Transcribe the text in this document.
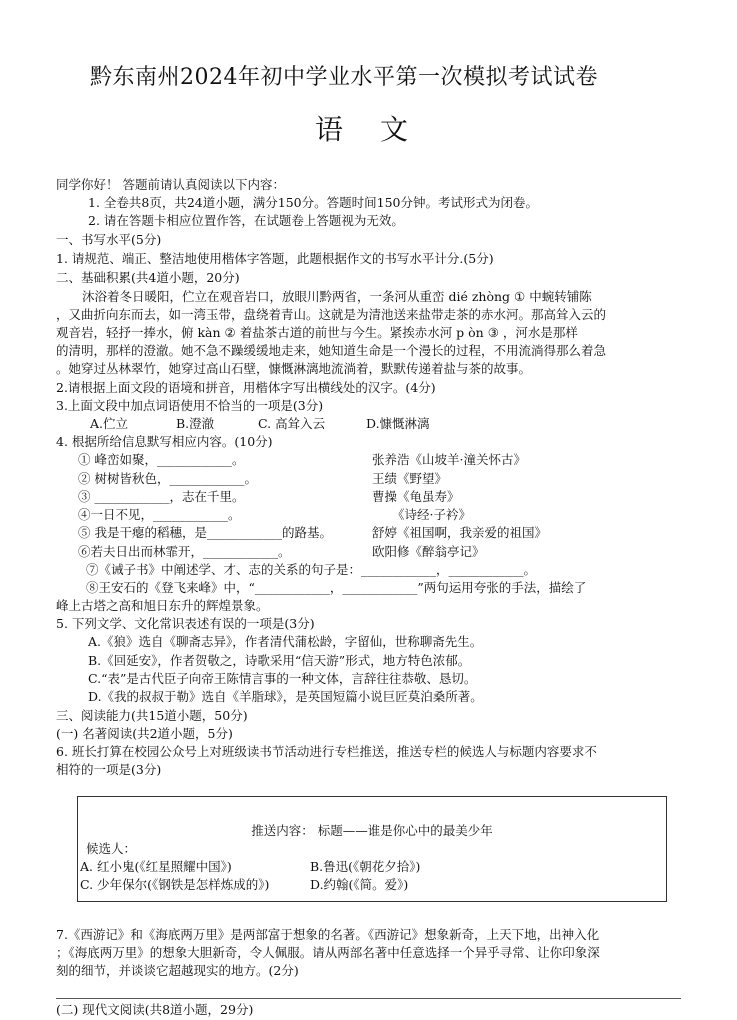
黔东南州2024年初中学业水平第一次模拟考试试卷
语 文
同学你好！ 答题前请认真阅读以下内容：
1. 全卷共8页，共24道小题，满分150分。答题时间150分钟。考试形式为闭卷。
2. 请在答题卡相应位置作答，在试题卷上答题视为无效。
一、书写水平(5分)
1. 请规范、端正、整洁地使用楷体字答题，此题根据作文的书写水平计分.(5分)
二、基础积累(共4道小题，20分)
沐浴着冬日暖阳，伫立在观音岩口，放眼川黔两省，一条河从重峦 dié zhòng ① 中蜿转铺陈
，又曲折向东而去，如一湾玉带，盘绕着青山。这就是为清池送来盐带走茶的赤水河。那高耸入云的
观音岩，轻抒一捧水，俯 kàn ② 着盐茶古道的前世与今生。紧挨赤水河 p òn ③ ，河水是那样
的清明，那样的澄澈。她不急不躁缓缓地走来，她知道生命是一个漫长的过程，不用流淌得那么着急
。她穿过丛林翠竹，她穿过高山石壁，慷慨淋漓地流淌着，默默传递着盐与茶的故事。
2.请根据上面文段的语境和拼音，用楷体字写出横线处的汉字。(4分)
3.上面文段中加点词语使用不恰当的一项是(3分)
A.伫立	B.澄澈	C. 高耸入云	D.慷慨淋漓
4. 根据所给信息默写相应内容。(10分)
① 峰峦如聚，____________。	张养浩《山坡羊·潼关怀古》
② 树树皆秋色，____________。	王绩《野望》
③ ____________，志在千里。	曹操《龟虽寿》
④一日不见，____________。	《诗经·子衿》
⑤ 我是干瘪的稻穗，是____________的路基。	舒婷《祖国啊，我亲爱的祖国》
⑥若夫日出而林霏开，____________。	欧阳修《醉翁亭记》
⑦《诫子书》中阐述学、才、志的关系的句子是：____________，____________。
⑧王安石的《登飞来峰》中，“____________，____________”两句运用夸张的手法，描绘了
峰上古塔之高和旭日东升的辉煌景象。
5. 下列文学、文化常识表述有误的一项是(3分)
A.《狼》选自《聊斋志异》，作者清代蒲松龄，字留仙，世称聊斋先生。
B.《回延安》，作者贺敬之，诗歌采用“信天游”形式，地方特色浓郁。
C.“表”是古代臣子向帝王陈情言事的一种文体，言辞往往恭敬、恳切。
D.《我的叔叔于勒》选自《羊脂球》，是英国短篇小说巨匠莫泊桑所著。
三、阅读能力(共15道小题，50分)
(一) 名著阅读(共2道小题，5分)
6. 班长打算在校园公众号上对班级读书节活动进行专栏推送，推送专栏的候选人与标题内容要求不
相符的一项是(3分)
推送内容： 标题——谁是你心中的最美少年
候选人：
A. 红小鬼(《红星照耀中国》)	B.鲁迅(《朝花夕拾》)
C. 少年保尔(《钢铁是怎样炼成的》)	D.约翰(《简。爱》)
7.《西游记》和《海底两万里》是两部富于想象的名著。《西游记》想象新奇，上天下地，出神入化
；《海底两万里》的想象大胆新奇，令人佩服。请从两部名著中任意选择一个异乎寻常、让你印象深
刻的细节，并谈谈它超越现实的地方。(2分)
(二) 现代文阅读(共8道小题，29分)
